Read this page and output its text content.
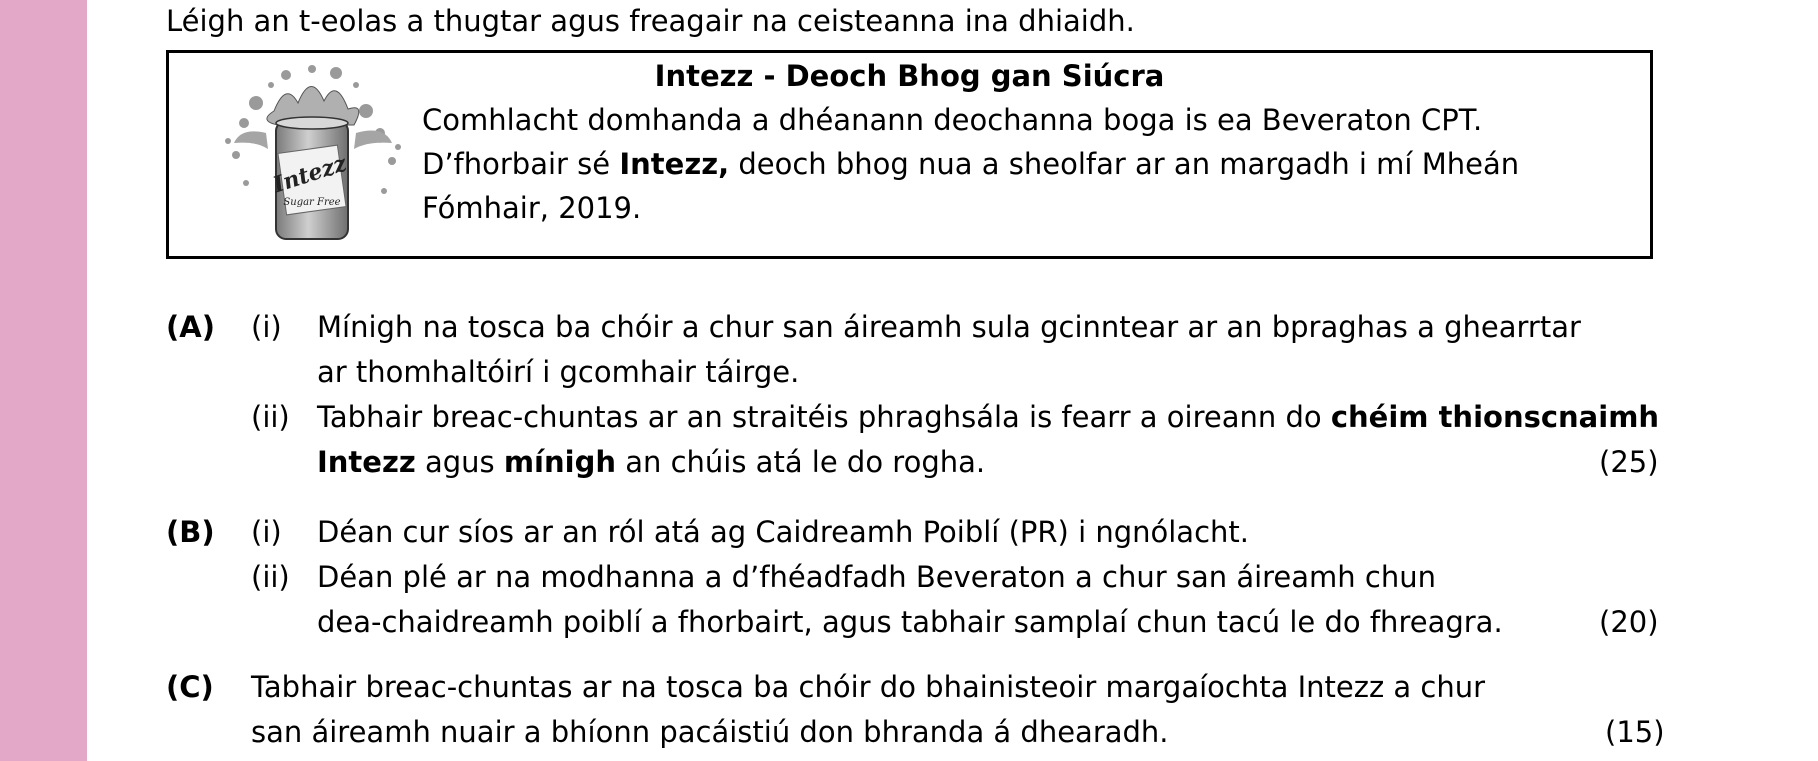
Léigh an t-eolas a thugtar agus freagair na ceisteanna ina dhiaidh.
Intezz
Sugar Free
Intezz - Deoch Bhog gan Siúcra
Comhlacht domhanda a dhéanann deochanna boga is ea Beveraton CPT.
D’fhorbair sé Intezz, deoch bhog nua a sheolfar ar an margadh i mí Mheán
Fómhair, 2019.
(A) (i) Mínigh na tosca ba chóir a chur san áireamh sula gcinntear ar an bpraghas a ghearrtar
ar thomhaltóirí i gcomhair táirge.
(ii) Tabhair breac-chuntas ar an straitéis phraghsála is fearr a oireann do chéim thionscnaimh
Intezz agus mínigh an chúis atá le do rogha.	(25)
(B) (i) Déan cur síos ar an ról atá ag Caidreamh Poiblí (PR) i ngnólacht.
(ii) Déan plé ar na modhanna a d’fhéadfadh Beveraton a chur san áireamh chun
dea-chaidreamh poiblí a fhorbairt, agus tabhair samplaí chun tacú le do fhreagra.	(20)
(C) Tabhair breac-chuntas ar na tosca ba chóir do bhainisteoir margaíochta Intezz a chur
san áireamh nuair a bhíonn pacáistiú don bhranda á dhearadh.	(15)
